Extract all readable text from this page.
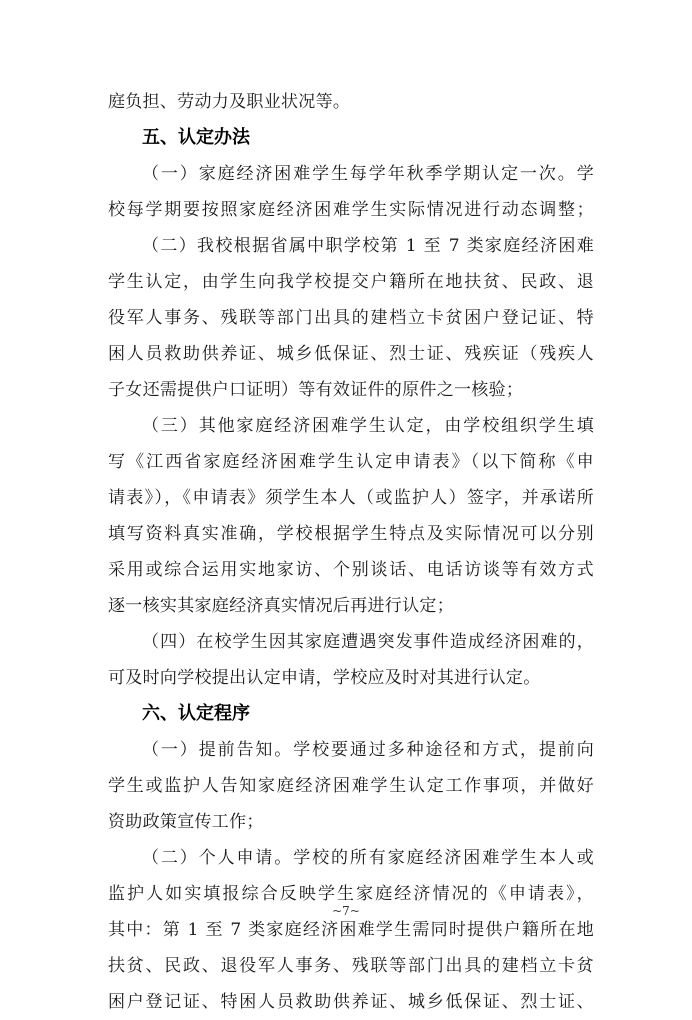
庭负担、劳动力及职业状况等。
五、认定办法
（一）家庭经济困难学生每学年秋季学期认定一次。学
校每学期要按照家庭经济困难学生实际情况进行动态调整；
（二）我校根据省属中职学校第 1 至 7 类家庭经济困难
学生认定，由学生向我学校提交户籍所在地扶贫、民政、退
役军人事务、残联等部门出具的建档立卡贫困户登记证、特
困人员救助供养证、城乡低保证、烈士证、残疾证（残疾人
子女还需提供户口证明）等有效证件的原件之一核验；
（三）其他家庭经济困难学生认定，由学校组织学生填
写《江西省家庭经济困难学生认定申请表》（以下简称《申
请表》），《申请表》须学生本人（或监护人）签字，并承诺所
填写资料真实准确，学校根据学生特点及实际情况可以分别
采用或综合运用实地家访、个别谈话、电话访谈等有效方式
逐一核实其家庭经济真实情况后再进行认定；
（四）在校学生因其家庭遭遇突发事件造成经济困难的，
可及时向学校提出认定申请，学校应及时对其进行认定。
六、认定程序
（一）提前告知。学校要通过多种途径和方式，提前向
学生或监护人告知家庭经济困难学生认定工作事项，并做好
资助政策宣传工作；
（二）个人申请。学校的所有家庭经济困难学生本人或
监护人如实填报综合反映学生家庭经济情况的《申请表》，
其中：第 1 至 7 类家庭经济困难学生需同时提供户籍所在地
扶贫、民政、退役军人事务、残联等部门出具的建档立卡贫
困户登记证、特困人员救助供养证、城乡低保证、烈士证、
~7~
